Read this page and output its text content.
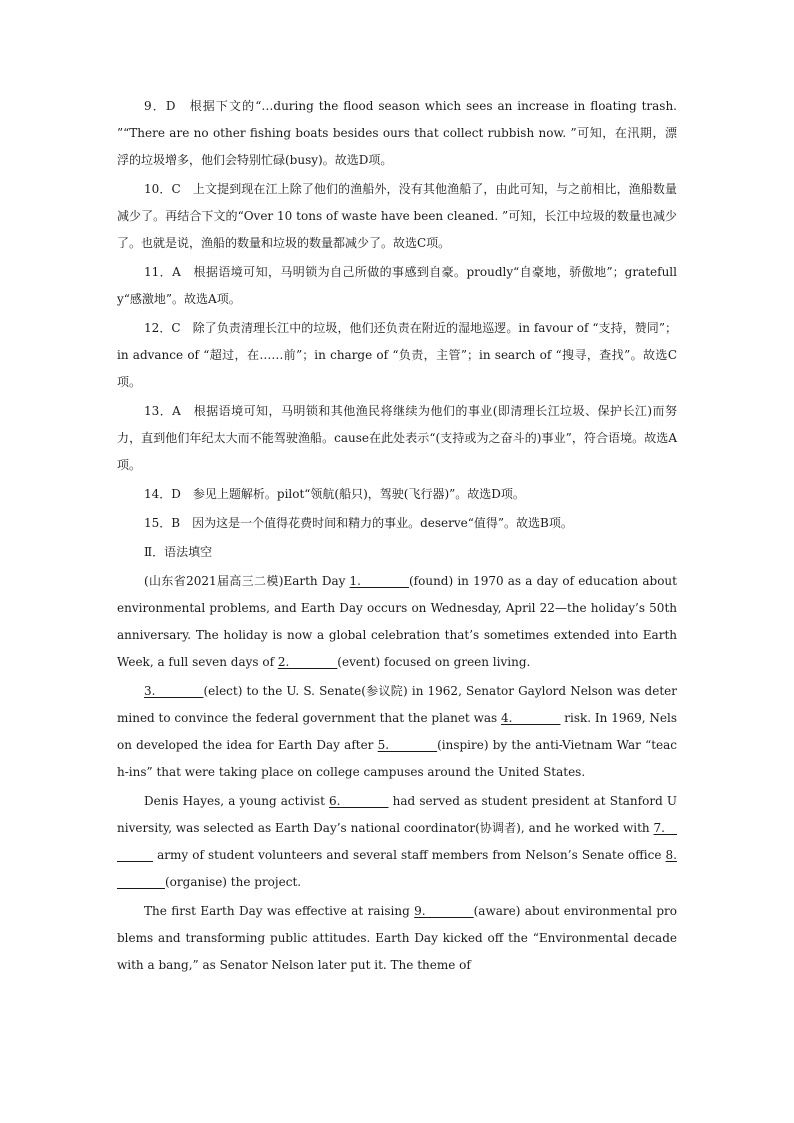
9．D　根据下文的“…during the flood season which sees an increase in floating trash. ”“There are no other fishing boats besides ours that collect rubbish now. ”可知，在汛期，漂浮的垃圾增多，他们会特别忙碌(busy)。故选D项。

10．C　上文提到现在江上除了他们的渔船外，没有其他渔船了，由此可知，与之前相比，渔船数量减少了。再结合下文的“Over 10 tons of waste have been cleaned. ”可知，长江中垃圾的数量也减少了。也就是说，渔船的数量和垃圾的数量都减少了。故选C项。

11．A　根据语境可知，马明锁为自己所做的事感到自豪。proudly“自豪地，骄傲地”；gratefully“感激地”。故选A项。

12．C　除了负责清理长江中的垃圾，他们还负责在附近的湿地巡逻。in favour of “支持，赞同”；in advance of “超过，在……前”；in charge of “负责，主管”；in search of “搜寻，查找”。故选C项。

13．A　根据语境可知，马明锁和其他渔民将继续为他们的事业(即清理长江垃圾、保护长江)而努力，直到他们年纪太大而不能驾驶渔船。cause在此处表示“(支持或为之奋斗的)事业”，符合语境。故选A项。

14．D　参见上题解析。pilot“领航(船只)，驾驶(飞行器)”。故选D项。

15．B　因为这是一个值得花费时间和精力的事业。deserve“值得”。故选B项。

Ⅱ．语法填空

(山东省2021届高三二模)Earth Day 1.________(found) in 1970 as a day of education about environmental problems, and Earth Day occurs on Wednesday, April 22—the holiday’s 50th anniversary. The holiday is now a global celebration that’s sometimes extended into Earth Week, a full seven days of 2.________(event) focused on green living.

3.________(elect) to the U. S. Senate(参议院) in 1962, Senator Gaylord Nelson was determined to convince the federal government that the planet was 4.________ risk. In 1969, Nelson developed the idea for Earth Day after 5.________(inspire) by the anti-Vietnam War “teach-ins” that were taking place on college campuses around the United States.

Denis Hayes, a young activist 6.________ had served as student president at Stanford University, was selected as Earth Day’s national coordinator(协调者), and he worked with 7.________ army of student volunteers and several staff members from Nelson’s Senate office 8.________(organise) the project.

The first Earth Day was effective at raising 9.________(aware) about environmental problems and transforming public attitudes. Earth Day kicked off the “Environmental decade with a bang,” as Senator Nelson later put it. The theme of
